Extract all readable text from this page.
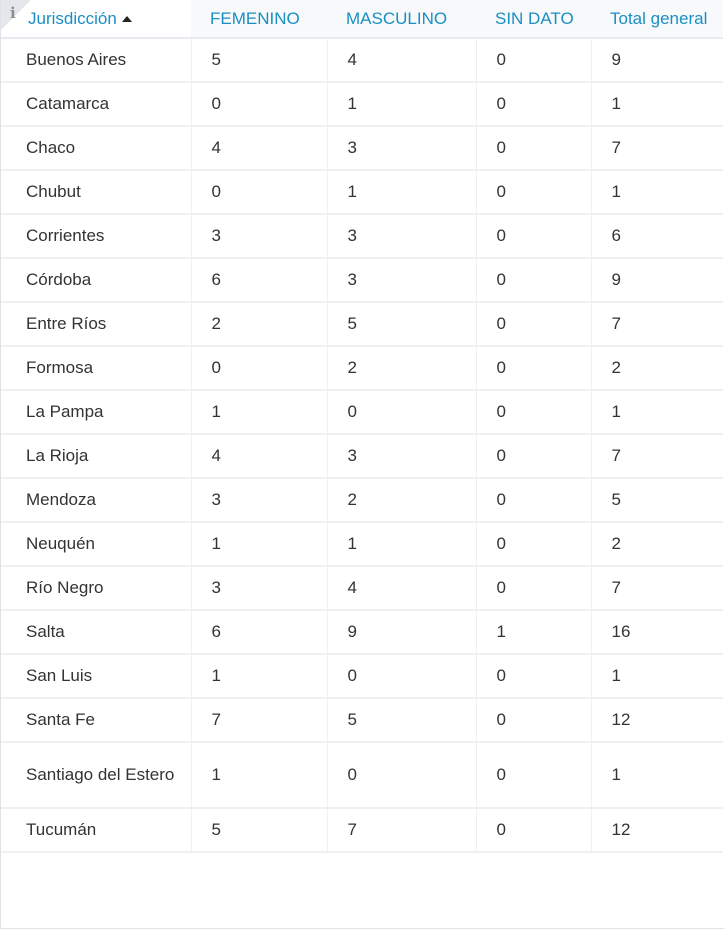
i Jurisdicción	FEMENINO	MASCULINO	SIN DATO	Total general
Buenos Aires	5	4	0	9
Catamarca	0	1	0	1
Chaco	4	3	0	7
Chubut	0	1	0	1
Corrientes	3	3	0	6
Córdoba	6	3	0	9
Entre Ríos	2	5	0	7
Formosa	0	2	0	2
La Pampa	1	0	0	1
La Rioja	4	3	0	7
Mendoza	3	2	0	5
Neuquén	1	1	0	2
Río Negro	3	4	0	7
Salta	6	9	1	16
San Luis	1	0	0	1
Santa Fe	7	5	0	12
Santiago del Estero	1	0	0	1
Tucumán	5	7	0	12
